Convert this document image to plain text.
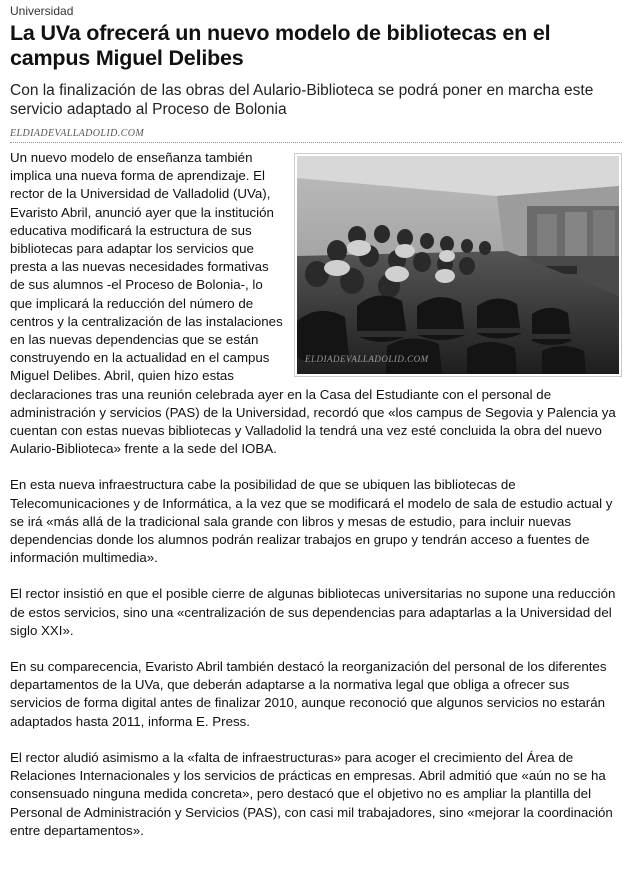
Universidad
La UVa ofrecerá un nuevo modelo de bibliotecas en el campus Miguel Delibes
Con la finalización de las obras del Aulario-Biblioteca se podrá poner en marcha este servicio adaptado al Proceso de Bolonia
ELDIADEVALLADOLID.COM
ELDIADEVALLADOLID.COM

Un nuevo modelo de enseñanza también implica una nueva forma de aprendizaje. El rector de la Universidad de Valladolid (UVa), Evaristo Abril, anunció ayer que la institución educativa modificará la estructura de sus bibliotecas para adaptar los servicios que presta a las nuevas necesidades formativas de sus alumnos -el Proceso de Bolonia-, lo que implicará la reducción del número de centros y la centralización de las instalaciones en las nuevas dependencias que se están construyendo en la actualidad en el campus Miguel Delibes. Abril, quien hizo estas declaraciones tras una reunión celebrada ayer en la Casa del Estudiante con el personal de administración y servicios (PAS) de la Universidad, recordó que «los campus de Segovia y Palencia ya cuentan con estas nuevas bibliotecas y Valladolid la tendrá una vez esté concluida la obra del nuevo Aulario-Biblioteca» frente a la sede del IOBA.

En esta nueva infraestructura cabe la posibilidad de que se ubiquen las bibliotecas de Telecomunicaciones y de Informática, a la vez que se modificará el modelo de sala de estudio actual y se irá «más allá de la tradicional sala grande con libros y mesas de estudio, para incluir nuevas dependencias donde los alumnos podrán realizar trabajos en grupo y tendrán acceso a fuentes de información multimedia».

El rector insistió en que el posible cierre de algunas bibliotecas universitarias no supone una reducción de estos servicios, sino una «centralización de sus dependencias para adaptarlas a la Universidad del siglo XXI».

En su comparecencia, Evaristo Abril también destacó la reorganización del personal de los diferentes departamentos de la UVa, que deberán adaptarse a la normativa legal que obliga a ofrecer sus servicios de forma digital antes de finalizar 2010, aunque reconoció que algunos servicios no estarán adaptados hasta 2011, informa E. Press.

El rector aludió asimismo a la «falta de infraestructuras» para acoger el crecimiento del Área de Relaciones Internacionales y los servicios de prácticas en empresas. Abril admitió que «aún no se ha consensuado ninguna medida concreta», pero destacó que el objetivo no es ampliar la plantilla del Personal de Administración y Servicios (PAS), con casi mil trabajadores, sino «mejorar la coordinación entre departamentos».
